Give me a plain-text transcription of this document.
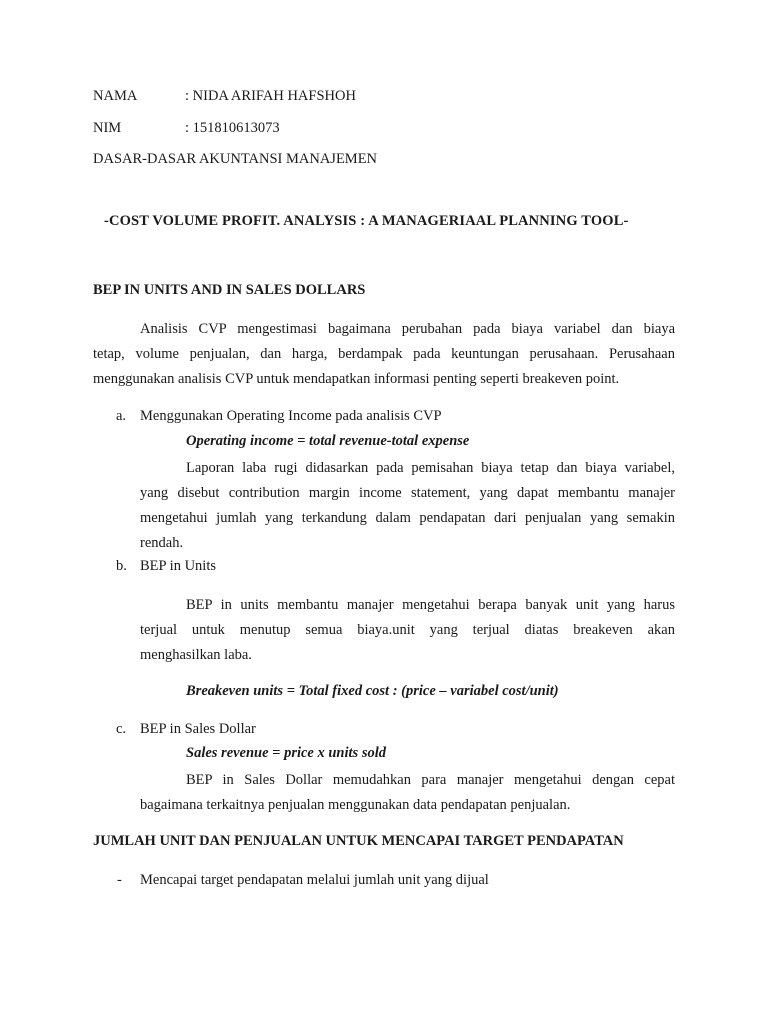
NAMA	: NIDA ARIFAH HAFSHOH
NIM	: 151810613073
DASAR-DASAR AKUNTANSI MANAJEMEN
-COST VOLUME PROFIT. ANALYSIS : A MANAGERIAAL PLANNING TOOL-
BEP IN UNITS AND IN SALES DOLLARS
Analisis CVP mengestimasi bagaimana perubahan pada biaya variabel dan biaya
tetap, volume penjualan, dan harga, berdampak pada keuntungan perusahaan. Perusahaan
menggunakan analisis CVP untuk mendapatkan informasi penting seperti breakeven point.
a. Menggunakan Operating Income pada analisis CVP
Operating income = total revenue-total expense
Laporan laba rugi didasarkan pada pemisahan biaya tetap dan biaya variabel,
yang disebut contribution margin income statement, yang dapat membantu manajer
mengetahui jumlah yang terkandung dalam pendapatan dari penjualan yang semakin
rendah.
b. BEP in Units
BEP in units membantu manajer mengetahui berapa banyak unit yang harus
terjual untuk menutup semua biaya.unit yang terjual diatas breakeven akan
menghasilkan laba.
Breakeven units = Total fixed cost : (price – variabel cost/unit)
c. BEP in Sales Dollar
Sales revenue = price x units sold
BEP in Sales Dollar memudahkan para manajer mengetahui dengan cepat
bagaimana terkaitnya penjualan menggunakan data pendapatan penjualan.
JUMLAH UNIT DAN PENJUALAN UNTUK MENCAPAI TARGET PENDAPATAN
- Mencapai target pendapatan melalui jumlah unit yang dijual
